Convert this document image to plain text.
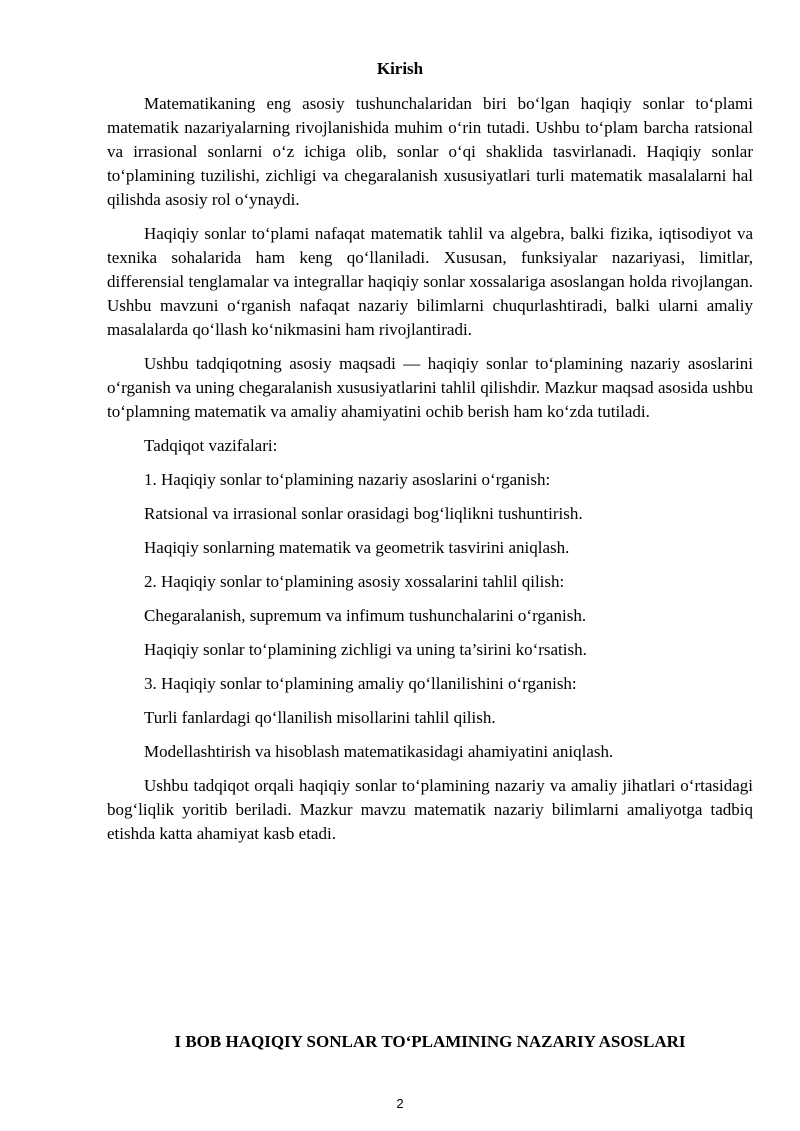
Kirish

Matematikaning eng asosiy tushunchalaridan biri bo‘lgan haqiqiy sonlar to‘plami matematik nazariyalarning rivojlanishida muhim o‘rin tutadi. Ushbu to‘plam barcha ratsional va irrasional sonlarni o‘z ichiga olib, sonlar o‘qi shaklida tasvirlanadi. Haqiqiy sonlar to‘plamining tuzilishi, zichligi va chegaralanish xususiyatlari turli matematik masalalarni hal qilishda asosiy rol o‘ynaydi.

Haqiqiy sonlar to‘plami nafaqat matematik tahlil va algebra, balki fizika, iqtisodiyot va texnika sohalarida ham keng qo‘llaniladi. Xususan, funksiyalar nazariyasi, limitlar, differensial tenglamalar va integrallar haqiqiy sonlar xossalariga asoslangan holda rivojlangan. Ushbu mavzuni o‘rganish nafaqat nazariy bilimlarni chuqurlashtiradi, balki ularni amaliy masalalarda qo‘llash ko‘nikmasini ham rivojlantiradi.

Ushbu tadqiqotning asosiy maqsadi — haqiqiy sonlar to‘plamining nazariy asoslarini o‘rganish va uning chegaralanish xususiyatlarini tahlil qilishdir. Mazkur maqsad asosida ushbu to‘plamning matematik va amaliy ahamiyatini ochib berish ham ko‘zda tutiladi.

Tadqiqot vazifalari:

1. Haqiqiy sonlar to‘plamining nazariy asoslarini o‘rganish:

Ratsional va irrasional sonlar orasidagi bog‘liqlikni tushuntirish.

Haqiqiy sonlarning matematik va geometrik tasvirini aniqlash.

2. Haqiqiy sonlar to‘plamining asosiy xossalarini tahlil qilish:

Chegaralanish, supremum va infimum tushunchalarini o‘rganish.

Haqiqiy sonlar to‘plamining zichligi va uning ta’sirini ko‘rsatish.

3. Haqiqiy sonlar to‘plamining amaliy qo‘llanilishini o‘rganish:

Turli fanlardagi qo‘llanilish misollarini tahlil qilish.

Modellashtirish va hisoblash matematikasidagi ahamiyatini aniqlash.

Ushbu tadqiqot orqali haqiqiy sonlar to‘plamining nazariy va amaliy jihatlari o‘rtasidagi bog‘liqlik yoritib beriladi. Mazkur mavzu matematik nazariy bilimlarni amaliyotga tadbiq etishda katta ahamiyat kasb etadi.

I BOB HAQIQIY SONLAR TO‘PLAMINING NAZARIY ASOSLARI
2
